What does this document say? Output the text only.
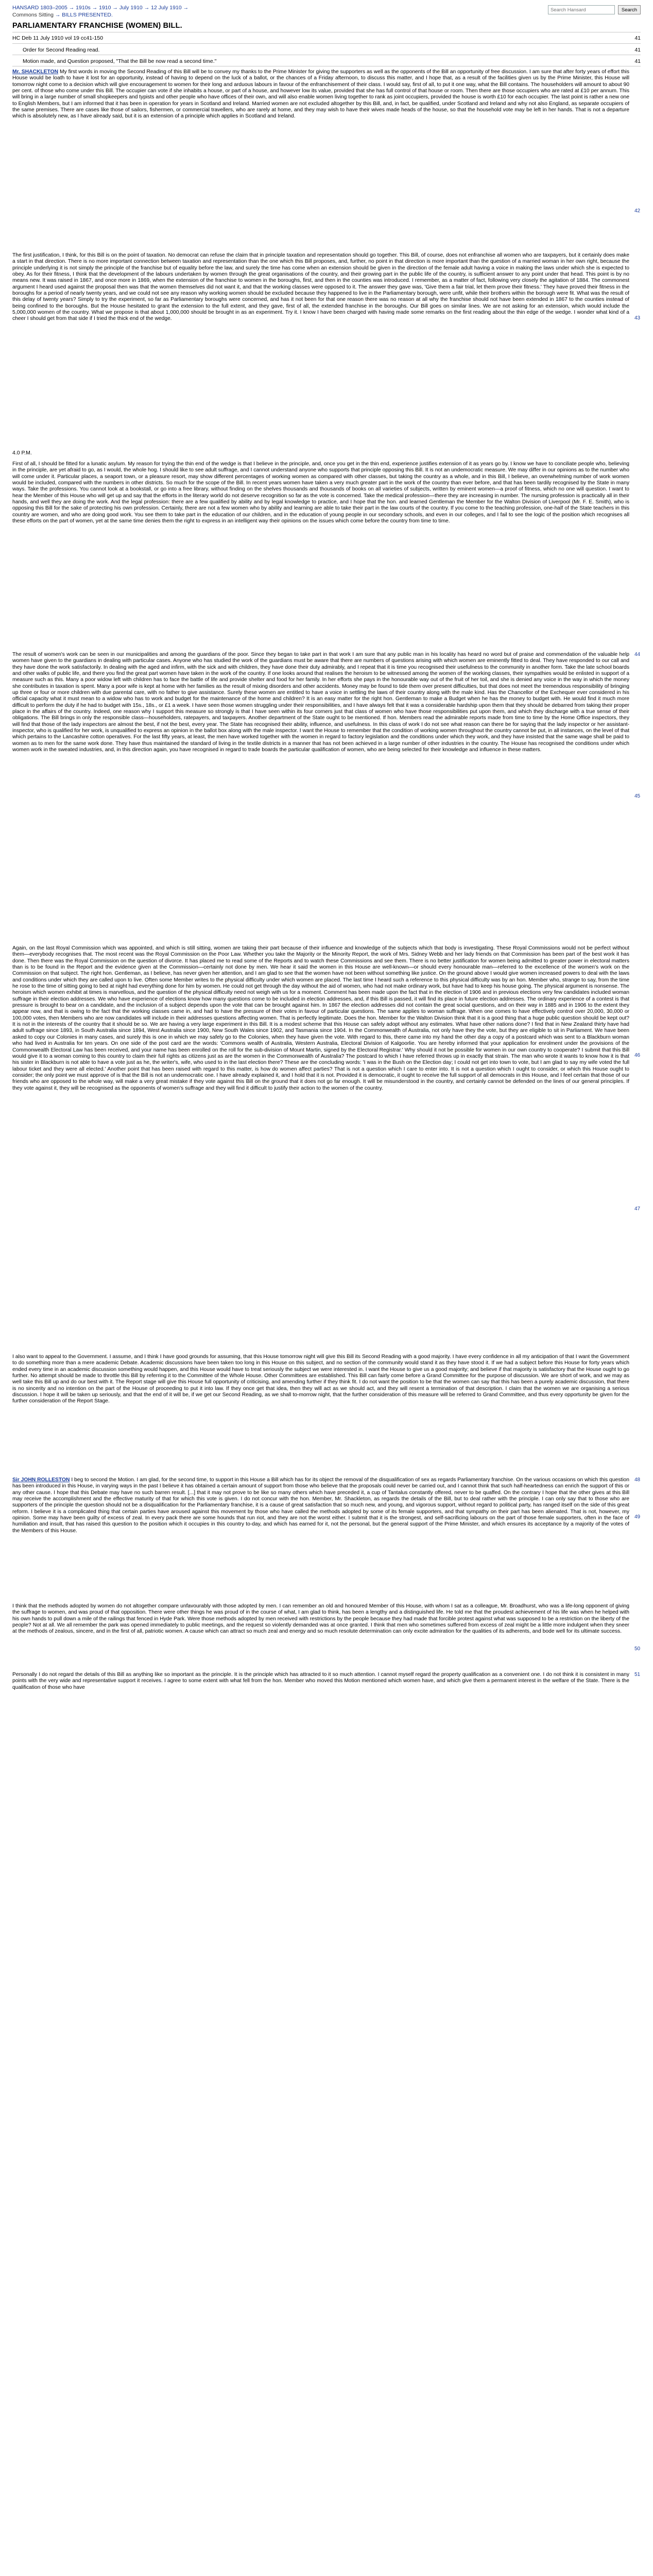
HANSARD 1803–2005 → 1910s → 1910 → July 1910 → 12 July 1910 →
Commons Sitting → BILLS PRESENTED.
Search Hansard Search
PARLIAMENTARY FRANCHISE (WOMEN) BILL.
HC Deb 11 July 1910 vol 19 cc41-150	41
Order for Second Reading read.	41
Motion made, and Question proposed, "That the Bill be now read a second time."	41
Mr. SHACKLETON My first words in moving the Second Reading of this Bill will be to convey my thanks to the Prime Minister for giving the supporters as well as the opponents of the Bill an opportunity of free discussion. I am sure that after forty years of effort this House would be loath to have it lost for an opportunity, instead of having to depend on the luck of a ballot, or the chances of a Friday afternoon, to discuss this matter, and I hope that, as a result of the facilities given us by the Prime Minister, this House will tomorrow night come to a decision which will give encouragement to women for their long and arduous labours in favour of the enfranchisement of their class. I would say, first of all, to put it one way, what the Bill contains. The householders will amount to about 90 per cent. of those who come under this Bill. The occupier can vote if she inhabits a house, or part of a house, and however low its value, provided that she has full control of that house or room. Then there are those occupiers who are rated at £10 per annum. This will bring in a large number of small shopkeepers and typists and other people who have offices of their own, and will also enable women living together to rank as joint occupiers, provided the house is worth £10 for each occupier. The last point is rather a new one to English Members, but I am informed that it has been in operation for years in Scotland and Ireland. Married women are not excluded altogether by this Bill, and, in fact, be qualified, under Scotland and Ireland and why not also England, as separate occupiers of the same premises. There are cases like those of sailors, fishermen, or commercial travellers, who are rarely at home, and they may wish to have their wives made heads of the house, so that the household vote may be left in her hands. That is not a departure which is absolutely new, as I have already said, but it is an extension of a principle which applies in Scotland and Ireland.
42
The first justification, I think, for this Bill is on the point of taxation. No democrat can refuse the claim that in principle taxation and representation should go together. This Bill, of course, does not enfranchise all women who are taxpayers, but it certainly does make a start in that direction. There is no more important connection between taxation and representation than the one which this Bill proposes, and, further, no point in that direction is more important than the question of a married woman in her own right, because the principle underlying it is not simply the principle of the franchise but of equality before the law, and surely the time has come when an extension should be given in the direction of the female adult having a voice in making the laws under which she is expected to obey. As for their fitness, I think that the development of the labours undertaken by women through the great organisations of the country, and their growing part in the public life of the country, is sufficient answer to any point under that head. This point is by no means new. It was raised in 1867, and once more in 1869, when the extension of the franchise to women in the boroughs, first, and then in the counties was introduced. I remember, as a matter of fact, following very closely the agitation of 1884. The commonest argument I heard used against the proposal then was that the women themselves did not want it, and that the working classes were opposed to it. The answer they gave was, 'Give them a fair trial, let them prove their fitness.' They have proved their fitness in the boroughs for a period of nearly twenty years, and we could not see any reason why working women should be excluded because they happened to live in the Parliamentary borough, were unfit, while their brothers within the borough were fit. What was the result of this delay of twenty years? Simply to try the experiment, so far as Parliamentary boroughs were concerned, and has it not been for that one reason there was no reason at all why the franchise should not have been extended in 1867 to the counties instead of being confined to the boroughs. But the House hesitated to grant the extension to the full extent, and they gave, first of all, the extended franchise in the boroughs. Our Bill goes on similar lines. We are not asking for an extension, which would include the 5,000,000 women of the country. What we propose is that about 1,000,000 should be brought in as an experiment. Try it. I know I have been charged with having made some remarks on the first reading about the thin edge of the wedge. I wonder what kind of a cheer I should get from that side if I tried the thick end of the wedge.	43
4.0 P.M.
First of all, I should be fitted for a lunatic asylum. My reason for trying the thin end of the wedge is that I believe in the principle, and, once you get in the thin end, experience justifies extension of it as years go by. I know we have to conciliate people who, believing in the principle, are yet afraid to go, as I would, the whole hog. I should like to see adult suffrage, and I cannot understand anyone who supports that principle opposing this Bill. It is not an undemocratic measure. We may differ in our opinions as to the number who will come under it. Particular places, a seaport town, or a pleasure resort, may show different percentages of working women as compared with other classes, but taking the country as a whole, and in this Bill, I believe, an overwhelming number of work women would be included, compared with the numbers in other districts. So much for the scope of the Bill. In recent years women have taken a very much greater part in the work of the country than ever before, and that has been tardily recognised by the State in many ways. Take the professions. You cannot look at a bookstall, or go into a free library, without finding on the shelves thousands and thousands of books on all varieties of subjects, written by eminent women—a proof of fitness, which no one will question. I want to hear the Member of this House who will get up and say that the efforts in the literary world do not deserve recognition so far as the vote is concerned. Take the medical profession—there they are increasing in number. The nursing profession is practically all in their hands, and well they are doing the work. And the legal profession: there are a few qualified by ability and by legal knowledge to practice, and I hope that the hon. and learned Gentleman the Member for the Walton Division of Liverpool (Mr. F. E. Smith), who is opposing this Bill for the sake of protecting his own profession. Certainly, there are not a few women who by ability and learning are able to take their part in the law courts of the country. If you come to the teaching profession, one-half of the State teachers in this country are women, and who are doing good work. You see them to take part in the education of our children, and in the education of young people in our secondary schools, and even in our colleges, and I fail to see the logic of the position which recognises all these efforts on the part of women, yet at the same time denies them the right to express in an intelligent way their opinions on the issues which come before the country from time to time.
The result of women's work can be seen in our municipalities and among the guardians of the poor. Since they began to take part in that work I am sure that any public man in his locality has heard no word but of praise and commendation of the valuable help women have given to the guardians in dealing with particular cases. Anyone who has studied the work of the guardians must be aware that there are numbers of questions arising with which women are eminently fitted to deal. They have responded to our call and they have done the work satisfactorily. In dealing with the aged and infirm, with the sick and with children, they have done their duty admirably, and I repeat that it is time you recognised their usefulness to the community in another form. Take the late school boards and other walks of public life, and there you find the great part women have taken in the work of the country. If one looks around that realises the heroism to be witnessed among the women of the working classes, their sympathies would be enlisted in support of a measure such as this. Many a poor widow left with children has to face the battle of life and provide shelter and food for her family. In her efforts she pays in the honourable way out of the fruit of her toil, and she is denied any voice in the way in which the money she contributes in taxation is spent. Many a poor wife is kept at home with her families as the result of mixing disorders and other accidents. Money may be found to tide them over present difficulties, but that does not meet the tremendous responsibility of bringing up three or four or more children with due parental care, with no father to give assistance. Surely these women are entitled to have a voice in settling the laws of their country along with the male kind. Has the Chancellor of the Exchequer ever considered in his official capacity what it must mean to a widow who has to work and budget for the maintenance of the home and children? It is an easy matter for the right hon. Gentleman to make a Budget when he has the money to budget with. He would find it much more difficult to perform the duty if he had to budget with 15s., 18s., or £1 a week. I have seen those women struggling under their responsibilities, and I have always felt that it was a considerable hardship upon them that they should be debarred from taking their proper place in the affairs of the country. Indeed, one reason why I support this measure so strongly is that I have seen within its four corners just that class of women who have those responsibilities put upon them, and which they discharge with a true sense of their obligations. The Bill brings in only the responsible class—householders, ratepayers, and taxpayers. Another department of the State ought to be mentioned. If hon. Members read the admirable reports made from time to time by the Home Office inspectors, they will find that those of the lady inspectors are almost the best, if not the best, every year. The State has recognised their ability, influence, and usefulness. In this class of work I do not see what reason can there be for saying that the lady inspector or her assistant-inspector, who is qualified for her work, is unqualified to express an opinion in the ballot box along with the male inspector. I want the House to remember that the condition of working women throughout the country cannot be put, in all instances, on the level of that which pertains to the Lancashire cotton operatives. For the last fifty years, at least, the men have worked together with the women in regard to factory legislation and the conditions under which they work, and they have insisted that the same wage shall be paid to women as to men for the same work done. They have thus maintained the standard of living in the textile districts in a manner that has not been achieved in a large number of other industries in the country. The House has recognised the conditions under which women work in the sweated industries, and, in this direction again, you have recognised in regard to trade boards the particular qualification of women, who are being selected for their knowledge and influence in these matters.
44
45
Again, on the last Royal Commission which was appointed, and which is still sitting, women are taking their part because of their influence and knowledge of the subjects which that body is investigating. These Royal Commissions would not be perfect without them—everybody recognises that. The most recent was the Royal Commission on the Poor Law. Whether you take the Majority or the Minority Report, the work of Mrs. Sidney Webb and her lady friends on that Commission has been part of the best work it has done. Then there was the Royal Commission on the question of divorce. It has placed me to read some of the Reports and to watch these Commissions and see them. There is no better justification for women being admitted to greater power in electoral matters than is to be found in the Report and the evidence given at the Commission—certainly not done by men. We hear it said the women in this House are well-known—or should every honourable man—referred to the excellence of the women's work on the Commission on that subject. The right hon. Gentleman, as I believe, has never given her attention, and I am glad to see that the women have not been without something like justice. On the ground above I would give women increased powers to deal with the laws and conditions under which they are called upon to live. Often some Member writes to the physical difficulty under which women are placed. The last time I heard such a reference to this physical difficulty was by an hon. Member who, strange to say, from the time he rose to the time of sitting going to bed at night had everything done for him by women. He could not get through the day without the aid of women, who had not make ordinary work, but have had to keep his house going. The physical argument is nonsense. The heroism which women exhibit at times is marvellous, and the question of the physical difficulty need not weigh with us for a moment. Comment has been made upon the fact that in the election of 1906 and in previous elections very few candidates included woman suffrage in their election addresses. We who have experience of elections know how many questions come to be included in election addresses, and, if this Bill is passed, it will find its place in future election addresses. The ordinary experience of a contest is that pressure is brought to bear on a candidate, and the inclusion of a subject depends upon the vote that can be brought against him. In 1867 the election addresses did not contain the great social questions, and on their way in 1885 and in 1906 to the extent they appear now, and that is owing to the fact that the working classes came in, and had to have the pressure of their votes in favour of particular questions. The same applies to woman suffrage. When one comes to have effectively control over 20,000, 30,000 or 100,000 votes, then Members who are now candidates will include in their addresses questions affecting women. That is perfectly legitimate. Does the hon. Member for the Walton Division think that it is a good thing that a huge public question should be kept out? It is not in the interests of the country that it should be so. We are having a very large experiment in this Bill. It is a modest scheme that this House can safely adopt without any estimates. What have other nations done? I find that in New Zealand thirty have had adult suffrage since 1893, in South Australia since 1894, West Australia since 1900, New South Wales since 1902, and Tasmania since 1904. In the Commonwealth of Australia, not only have they the vote, but they are eligible to sit in Parliament. We have been asked to copy our Colonies in many cases, and surely this is one in which we may safely go to the Colonies, when they have given the vote. With regard to this, there came into my hand the other day a copy of a postcard which was sent to a Blackburn woman who had lived in Australia for ten years. On one side of the post card are the words: 'Commons wealth of Australia, Western Australia, Electoral Division of Kalgoorlie. You are hereby informed that your application for enrolment under the provisions of the Commonwealth Electoral Law has been received, and your name has been enrolled on the roll for the sub-division of Mount Martin, signed by the Electoral Registrar.' Why should it not be possible for women in our own country to cooperate? I submit that this Bill would give it to a woman coming to this country to claim their full rights as citizens just as are the women in the Commonwealth of Australia? The postcard to which I have referred throws up in exactly that strain. The man who wrote it wants to know how it is that his sister in Blackburn is not able to have a vote just as he, the writer's, wife, who used to in the last election there? These are the concluding words: 'I was in the Bush on the Election day; I could not get into town to vote, but I am glad to say my wife voted the full labour ticket and they were all elected.' Another point that has been raised with regard to this matter, is how do women affect parties? That is not a question which I care to enter into. It is not a question which I ought to consider, or which this House ought to consider; the only point we must approve of is that the Bill is not an undemocratic one. I have already explained it, and I hold that it is not. Provided it is democratic, it ought to receive the full support of all democrats in this House, and I feel certain that those of our friends who are opposed to the whole way, will make a very great mistake if they vote against this Bill on the ground that it does not go far enough. It will be misunderstood in the country, and certainly cannot be defended on the lines of our general principles. If they vote against it, they will be recognised as the opponents of women's suffrage and they will find it difficult to justify their action to the women of the country.
46
47
I also want to appeal to the Government. I assume, and I think I have good grounds for assuming, that this House tomorrow night will give this Bill its Second Reading with a good majority. I have every confidence in all my anticipation of that I want the Government to do something more than a mere academic Debate. Academic discussions have been taken too long in this House on this subject, and no section of the community would stand it as they have stood it. If we had a subject before this House for forty years which ended every time in an academic discussion something would happen, and this House would have to treat seriously the subject we were interested in. I want the House to give us a good majority; and believe if that majority is satisfactory that the House ought to go further. No attempt should be made to throttle this Bill by referring it to the Committee of the Whole House. Other Committees are established. This Bill can fairly come before a Grand Committee for the purpose of discussion. We are short of work, and we may as well take this Bill up and do our best with it. The Report stage will give this House full opportunity of criticising, and amending further if they think fit. I do not want the position to be that the women can say that this has been a purely academic discussion, that there is no sincerity and no intention on the part of the House of proceeding to put it into law. If they once get that idea, then they will act as we should act, and they will resent a termination of that description. I claim that the women we are organising a serious discussion. I hope it will be taken up seriously, and that the end of it will be, if we get our Second Reading, as we shall to-morrow night, that the further consideration of this measure will be referred to Grand Committee, and thus every opportunity be given for the further consideration of the Report Stage.
Sir JOHN ROLLESTON I beg to second the Motion. I am glad, for the second time, to support in this House a Bill which has for its object the removal of the disqualification of sex as regards Parliamentary franchise. On the various occasions on which this question has been introduced in this House, in varying ways in the past I believe it has obtained a certain amount of support from those who believe that the proposals could never be carried out, and I cannot think that such half-heartedness can enrich the support of this or any other cause. I hope that this Debate may have no such barren result. [...] that it may not prove to be like so many others which have preceded it, a cup of Tantalus constantly offered, never to be quaffed. On the contrary I hope that the other gives at this Bill may receive the accomplishment and the effective maturity of that for which this vote is given. I do not concur with the hon. Member, Mr. Shackleton, as regards the details of the Bill, but to deal rather with the principle. I can only say that to those who are supporters of the principle the question should not be a disqualification for the Parliamentary franchise, it is a cause of great satisfaction that so much new, and young, and vigorous support, without regard to political party, has ranged itself on the side of this great reform. I believe it is a complicated thing that certain parties have aroused against this movement by those who have called the methods adopted by some of its female supporters, and that sympathy on their part has been alienated. That is not, however, my opinion. Some may have been guilty of excess of zeal. In every pack there are some hounds that run riot, and they are not the worst either. I submit that it is the strongest, and self-sacrificing labours on the part of those female supporters, often in the face of humiliation and insult, that has raised this question to the position which it occupies in this country to-day, and which has earned for it, not the personal, but the general support of the Prime Minister, and which ensures its acceptance by a majority of the votes of the Members of this House.
48
49
I think that the methods adopted by women do not altogether compare unfavourably with those adopted by men. I can remember an old and honoured Member of this House, with whom I sat as a colleague, Mr. Broadhurst, who was a life-long opponent of giving the suffrage to women, and was proud of that opposition. There were other things he was proud of in the course of what, I am glad to think, has been a lengthy and a distinguished life. He told me that the proudest achievement of his life was when he helped with his own hands to pull down a mile of the railings that fenced in Hyde Park. Were those methods adopted by men received with restrictions by the people because they had made that forcible protest against what was supposed to be a restriction on the liberty of the people? Not at all. We all remember the park was opened immediately to public meetings, and the request so violently demanded was at once granted. I think that men who sometimes suffered from excess of zeal might be a little more indulgent when they sneer at the methods of zealous, sincere, and in the first of all, patriotic women. A cause which can attract so much zeal and energy and so much resolute determination can only excite admiration for the qualities of its adherents, and bode well for its ultimate success.
50
Personally I do not regard the details of this Bill as anything like so important as the principle. It is the principle which has attracted to it so much attention. I cannot myself regard the property qualification as a convenient one. I do not think it is consistent in many points with the very wide and representative support it receives. I agree to some extent with what fell from the hon. Member who moved this Motion mentioned which women have, and which give them a permanent interest in the welfare of the State. There is the qualification of those who have
51
